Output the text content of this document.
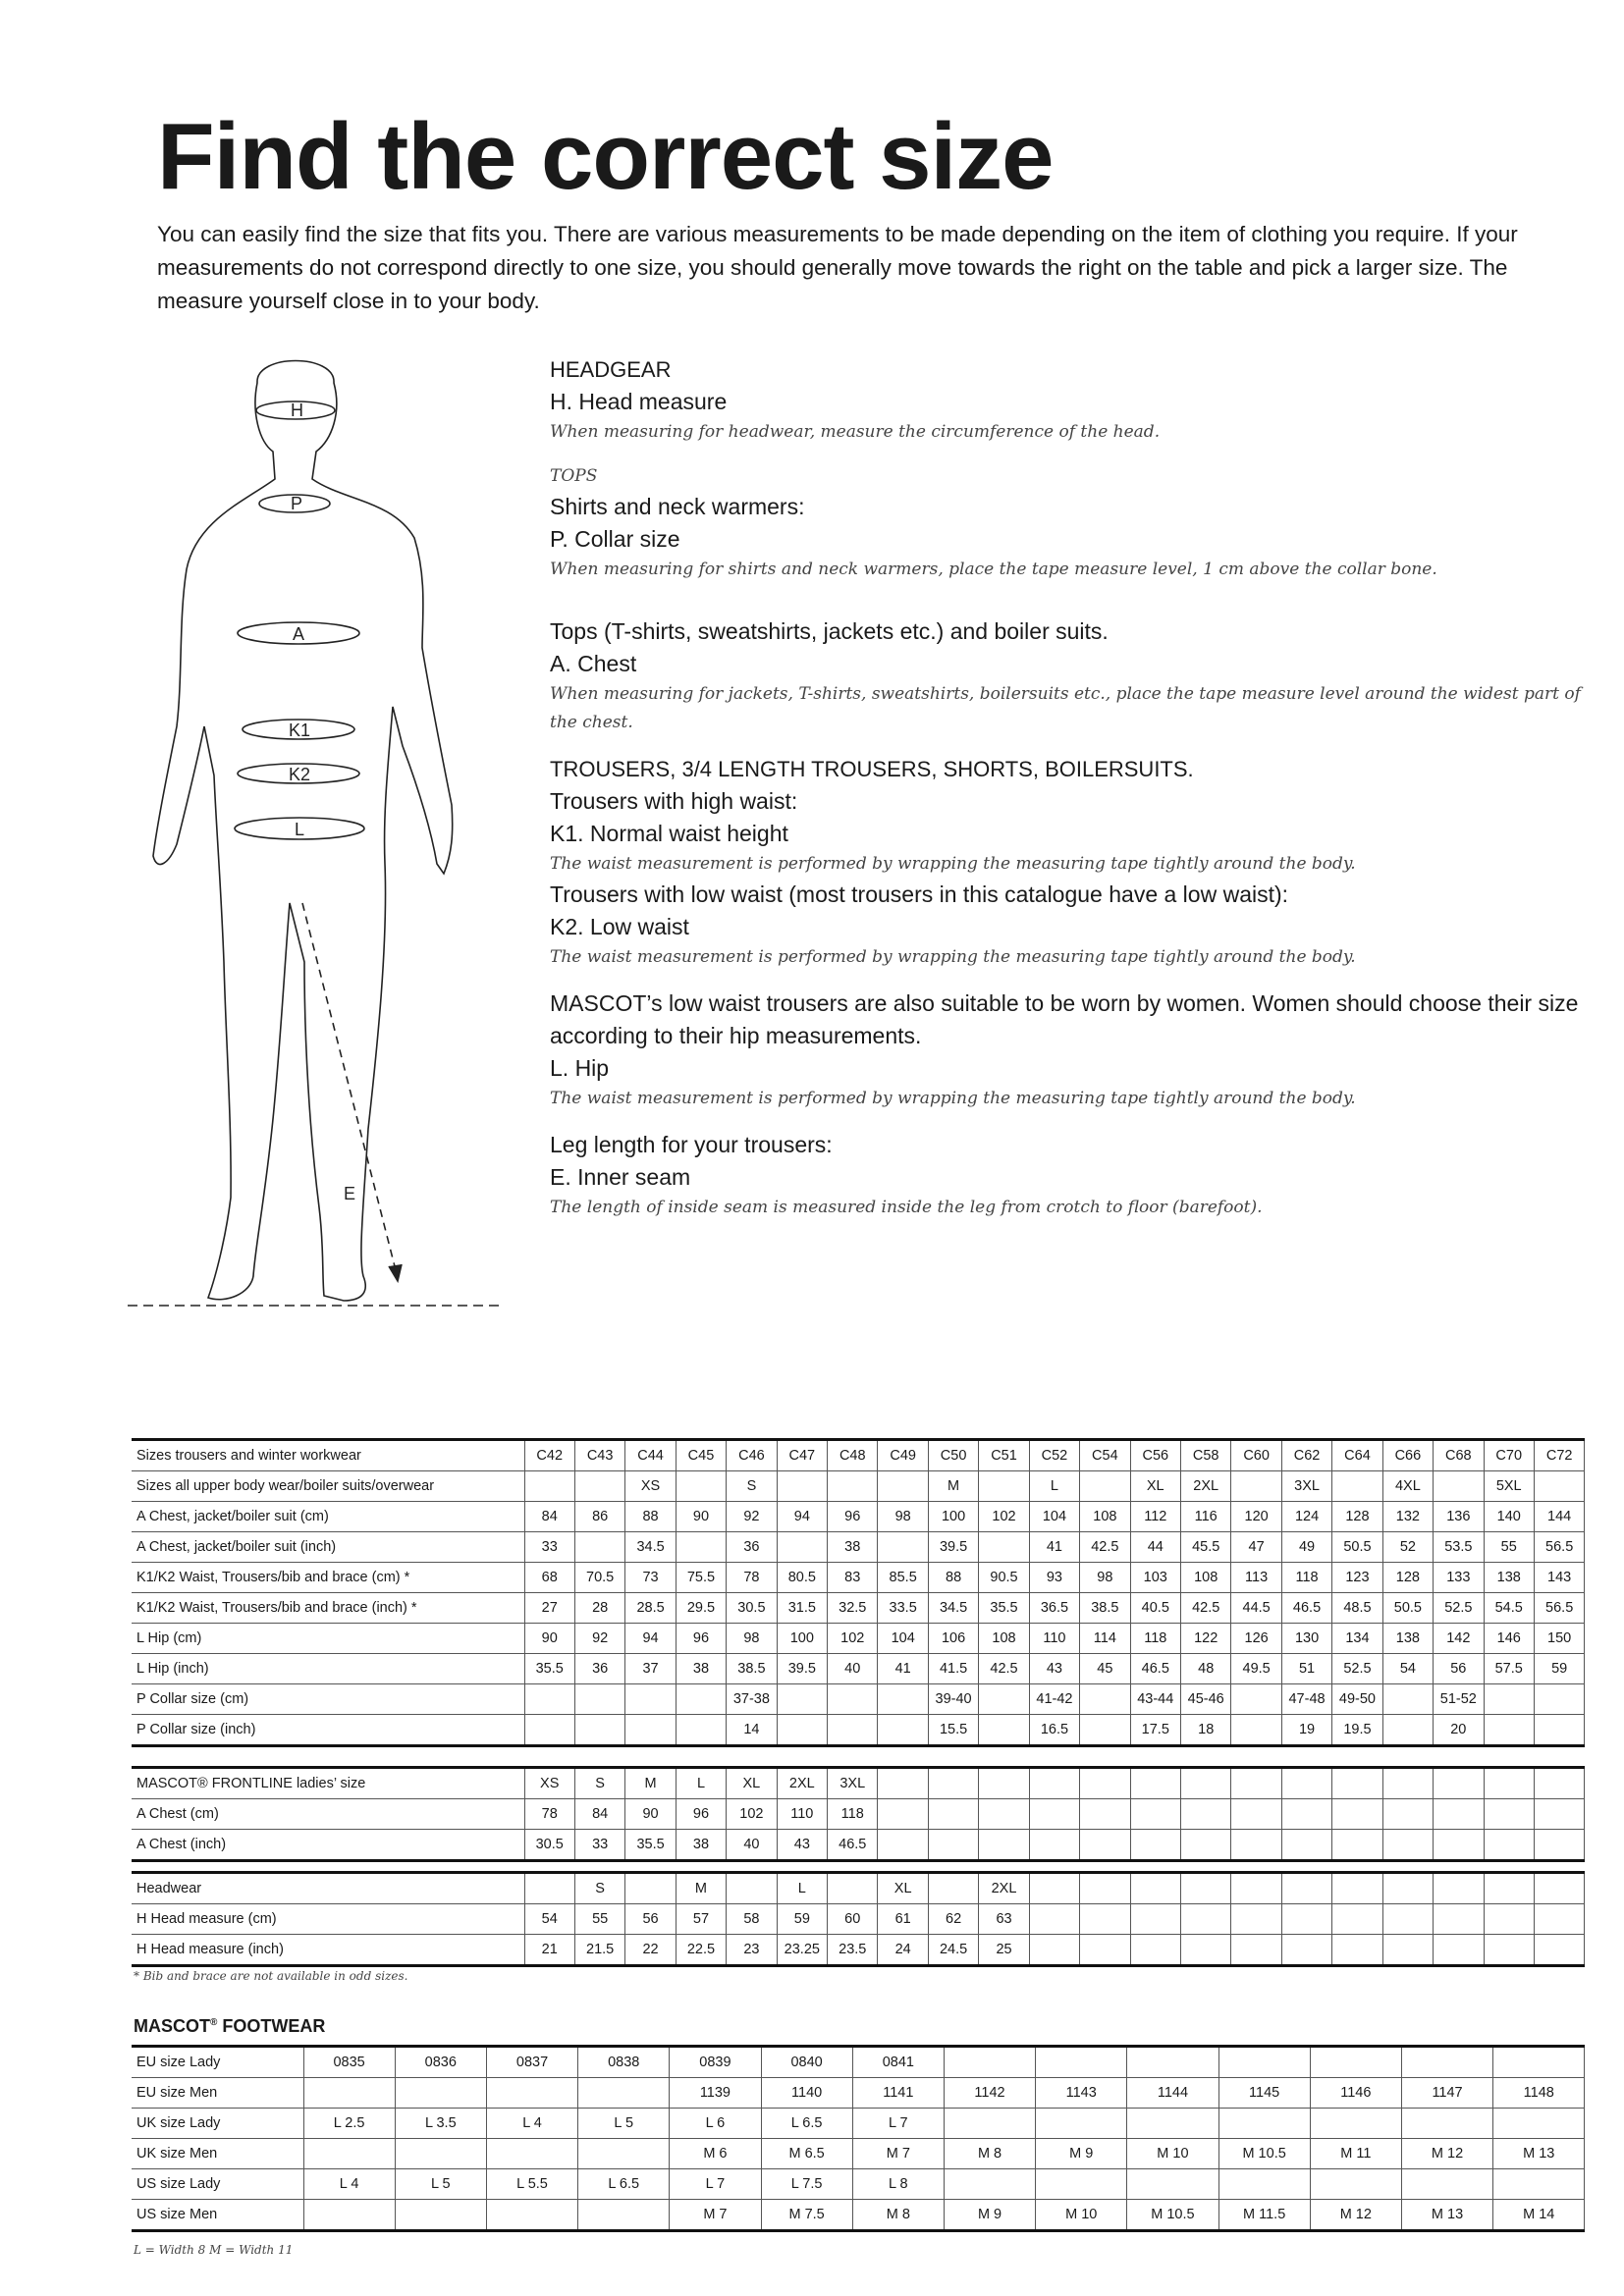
Find the correct size
You can easily find the size that fits you. There are various measurements to be made depending on the item of clothing you require. If your measurements do not correspond directly to one size, you should generally move towards the right on the table and pick a larger size. The measure yourself close in to your body.
H
P
A
K1
K2
L
E
HEADGEAR
H. Head measure
When measuring for headwear, measure the circumference of the head.
TOPS
Shirts and neck warmers:
P. Collar size
When measuring for shirts and neck warmers, place the tape measure level, 1 cm above the collar bone.
Tops (T-shirts, sweatshirts, jackets etc.) and boiler suits.
A. Chest
When measuring for jackets, T-shirts, sweatshirts, boilersuits etc., place the tape measure level around the widest part of the chest.
TROUSERS, 3/4 LENGTH TROUSERS, SHORTS, BOILERSUITS.
Trousers with high waist:
K1. Normal waist height
The waist measurement is performed by wrapping the measuring tape tightly around the body.
Trousers with low waist (most trousers in this catalogue have a low waist):
K2. Low waist
The waist measurement is performed by wrapping the measuring tape tightly around the body.
MASCOT’s low waist trousers are also suitable to be worn by women. Women should choose their size according to their hip measurements.
L. Hip
The waist measurement is performed by wrapping the measuring tape tightly around the body.
Leg length for your trousers:
E. Inner seam
The length of inside seam is measured inside the leg from crotch to floor (barefoot).
Sizes trousers and winter workwear	C42	C43	C44	C45	C46	C47	C48	C49	C50	C51	C52	C54	C56	C58	C60	C62	C64	C66	C68	C70	C72
Sizes all upper body wear/boiler suits/overwear			XS		S				M		L		XL	2XL		3XL		4XL		5XL	
A Chest, jacket/boiler suit (cm)	84	86	88	90	92	94	96	98	100	102	104	108	112	116	120	124	128	132	136	140	144
A Chest, jacket/boiler suit (inch)	33		34.5		36		38		39.5		41	42.5	44	45.5	47	49	50.5	52	53.5	55	56.5
K1/K2 Waist, Trousers/bib and brace (cm) *	68	70.5	73	75.5	78	80.5	83	85.5	88	90.5	93	98	103	108	113	118	123	128	133	138	143
K1/K2 Waist, Trousers/bib and brace (inch) *	27	28	28.5	29.5	30.5	31.5	32.5	33.5	34.5	35.5	36.5	38.5	40.5	42.5	44.5	46.5	48.5	50.5	52.5	54.5	56.5
L Hip (cm)	90	92	94	96	98	100	102	104	106	108	110	114	118	122	126	130	134	138	142	146	150
L Hip (inch)	35.5	36	37	38	38.5	39.5	40	41	41.5	42.5	43	45	46.5	48	49.5	51	52.5	54	56	57.5	59
P Collar size (cm)					37-38				39-40		41-42		43-44	45-46		47-48	49-50		51-52		
P Collar size (inch)					14				15.5		16.5		17.5	18		19	19.5		20		
MASCOT® FRONTLINE ladies’ size	XS	S	M	L	XL	2XL	3XL														
A Chest (cm)	78	84	90	96	102	110	118														
A Chest (inch)	30.5	33	35.5	38	40	43	46.5														
Headwear		S		M		L		XL		2XL											
H Head measure (cm)	54	55	56	57	58	59	60	61	62	63											
H Head measure (inch)	21	21.5	22	22.5	23	23.25	23.5	24	24.5	25											
* Bib and brace are not available in odd sizes.
MASCOT® FOOTWEAR
EU size Lady	0835	0836	0837	0838	0839	0840	0841							
EU size Men					1139	1140	1141	1142	1143	1144	1145	1146	1147	1148
UK size Lady	L 2.5	L 3.5	L 4	L 5	L 6	L 6.5	L 7							
UK size Men					M 6	M 6.5	M 7	M 8	M 9	M 10	M 10.5	M 11	M 12	M 13
US size Lady	L 4	L 5	L 5.5	L 6.5	L 7	L 7.5	L 8							
US size Men					M 7	M 7.5	M 8	M 9	M 10	M 10.5	M 11.5	M 12	M 13	M 14
L = Width 8 M = Width 11
